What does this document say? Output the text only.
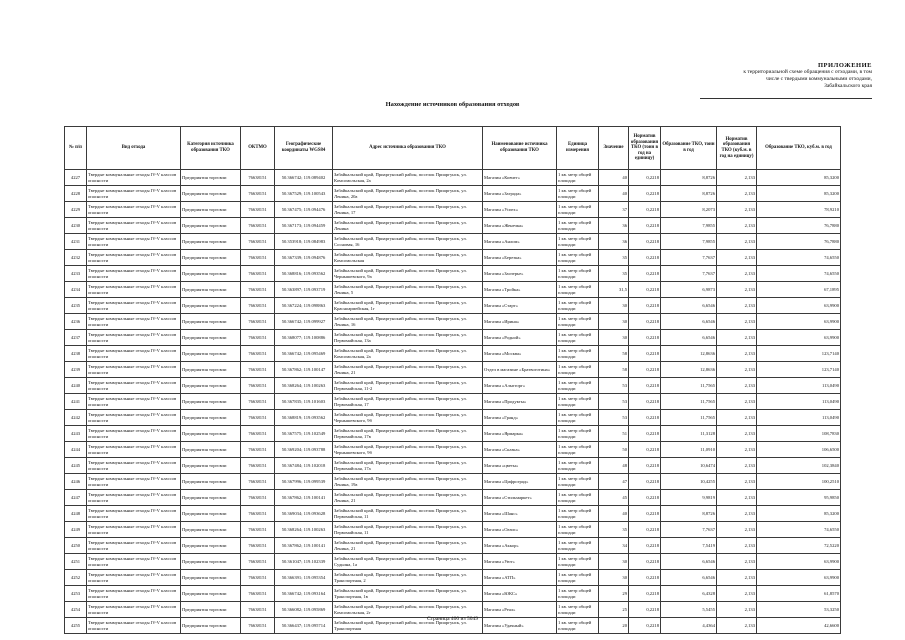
ПРИЛОЖЕНИЕ
к территориальной схеме обращения с отходами, в том
числе с твердыми коммунальными отходами,
Забайкальского края
Нахождение источников образования отходов
№ п/п	Вид отхода	Категория источника образования ТКО	ОКТМО	Географические координаты WGS84	Адрес источника образования ТКО	Наименование источника образования ТКО	Единица измерения	Значение	Норматив образования ТКО (тонн в год на единицу)	Образование ТКО, тонн в год	Норматив образования ТКО (куб.м. в год на единицу)	Образование ТКО, куб.м. в год
4227	Твердые коммунальные отходы IV-V классов опасности	Предприятия торговли	76638151	50.366742; 119.089402	Забайкальский край, Приаргунский район, поселок Приаргунск, ул. Комсомольская, 2а	Магазин «Ковчег»	1 кв. метр общей площади	40	0,2218	8,8726	2,133	85,3200
4228	Твердые коммунальные отходы IV-V классов опасности	Предприятия торговли	76638151	50.367529; 119.100543	Забайкальский край, Приаргунский район, поселок Приаргунск, ул. Ленина, 20а	Магазин «Заграда»	1 кв. метр общей площади	40	0,2218	8,8726	2,133	85,3200
4229	Твердые коммунальные отходы IV-V классов опасности	Предприятия торговли	76638151	50.367475; 119.094476	Забайкальский край, Приаргунский район, поселок Приаргунск, ул. Ленина, 17	Магазин «Успех»	1 кв. метр общей площади	37	0,2218	8,2073	2,133	78,9210
4230	Твердые коммунальные отходы IV-V классов опасности	Предприятия торговли	76638151	50.367173; 119.094459	Забайкальский край, Приаргунский район, поселок Приаргунск, ул. Ленина	Магазин «Женечка»	1 кв. метр общей площади	36	0,2218	7,9855	2,133	76,7880
4231	Твердые коммунальные отходы IV-V классов опасности	Предприятия торговли	76638151	50.353918; 119.084983	Забайкальский край, Приаргунский район, поселок Приаргунск, ул. Сосновая, 16	Магазин «Анлом»	1 кв. метр общей площади	36	0,2218	7,9855	2,133	76,7880
4232	Твердые коммунальные отходы IV-V классов опасности	Предприятия торговли	76638151	50.367339; 119.094876	Забайкальский край, Приаргунский район, поселок Приаргунск, ул. Комсомольская	Магазин «Березка»	1 кв. метр общей площади	35	0,2218	7,7637	2,133	74,6550
4233	Твердые коммунальные отходы IV-V классов опасности	Предприятия торговли	76638151	50.368816; 119.093562	Забайкальский край, Приаргунский район, поселок Приаргунск, ул. Чернышевского, 9а	Магазин «Заозерье»	1 кв. метр общей площади	35	0,2218	7,7637	2,133	74,6550
4234	Твердые коммунальные отходы IV-V классов опасности	Предприятия торговли	76638151	50.363897; 119.093719	Забайкальский край, Приаргунский район, поселок Приаргунск, ул. Ленина, 5	Магазин «Тройка»	1 кв. метр общей площади	31,5	0,2218	6,9873	2,133	67,1895
4235	Твердые коммунальные отходы IV-V классов опасности	Предприятия торговли	76638151	50.367224; 119.098863	Забайкальский край, Приаргунский район, поселок Приаргунск, ул. Красноармейская, 1г	Магазин «Старт»	1 кв. метр общей площади	30	0,2218	6,6546	2,133	63,9900
4236	Твердые коммунальные отходы IV-V классов опасности	Предприятия торговли	76638151	50.366742; 119.099927	Забайкальский край, Приаргунский район, поселок Приаргунск, ул. Ленина, 16	Магазин «Ирина»	1 кв. метр общей площади	30	0,2218	6,6546	2,133	63,9900
4237	Твердые коммунальные отходы IV-V классов опасности	Предприятия торговли	76638151	50.368077; 119.100886	Забайкальский край, Приаргунский район, поселок Приаргунск, ул. Первомайская, 13а	Магазин «Родной»	1 кв. метр общей площади	30	0,2218	6,6546	2,133	63,9900
4238	Твердые коммунальные отходы IV-V классов опасности	Предприятия торговли	76638151	50.366742; 119.095469	Забайкальский край, Приаргунский район, поселок Приаргунск, ул. Комсомольская, 2а	Магазин «Москва»	1 кв. метр общей площади	58	0,2218	12,8636	2,133	123,7140
4239	Твердые коммунальные отходы IV-V классов опасности	Предприятия торговли	76638151	50.367862; 119.100147	Забайкальский край, Приаргунский район, поселок Приаргунск, ул. Ленина, 21	Отдел в магазине «Братвоготина»	1 кв. метр общей площади	58	0,2218	12,8636	2,133	123,7140
4240	Твердые коммунальные отходы IV-V классов опасности	Предприятия торговли	76638151	50.368264; 119.100263	Забайкальский край, Приаргунский район, поселок Приаргунск, ул. Первомайская, 11-2	Магазин «Альпторг»	1 кв. метр общей площади	53	0,2218	11,7565	2,133	113,0490
4241	Твердые коммунальные отходы IV-V классов опасности	Предприятия торговли	76638151	50.367835; 119.101603	Забайкальский край, Приаргунский район, поселок Приаргунск, ул. Первомайская, 17	Магазин «Продукты»	1 кв. метр общей площади	53	0,2218	11,7565	2,133	113,0490
4242	Твердые коммунальные отходы IV-V классов опасности	Предприятия торговли	76638151	50.368819; 119.093562	Забайкальский край, Приаргунский район, поселок Приаргунск, ул. Чернышевского, 9б	Магазин «Гранд»	1 кв. метр общей площади	53	0,2218	11,7565	2,133	113,0490
4243	Твердые коммунальные отходы IV-V классов опасности	Предприятия торговли	76638151	50.367575; 119.102549	Забайкальский край, Приаргунский район, поселок Приаргунск, ул. Первомайская, 17в	Магазин «Ярмарка»	1 кв. метр общей площади	51	0,2218	11,3128	2,133	108,7830
4244	Твердые коммунальные отходы IV-V классов опасности	Предприятия торговли	76638151	50.369204; 119.093788	Забайкальский край, Приаргунский район, поселок Приаргунск, ул. Чернышевского, 9б	Магазин «Сказка»	1 кв. метр общей площади	50	0,2218	11,0910	2,133	106,6500
4245	Твердые коммунальные отходы IV-V классов опасности	Предприятия торговли	76638151	50.367484; 119.102018	Забайкальский край, Приаргунский район, поселок Приаргунск, ул. Первомайская, 17а	Магазин «цветы»	1 кв. метр общей площади	48	0,2218	10,6474	2,133	102,3840
4246	Твердые коммунальные отходы IV-V классов опасности	Предприятия торговли	76638151	50.367996; 119.099539	Забайкальский край, Приаргунский район, поселок Приаргунск, ул. Ленина, 19а	Магазин «Цифроград»	1 кв. метр общей площади	47	0,2218	10,4255	2,133	100,2510
4247	Твердые коммунальные отходы IV-V классов опасности	Предприятия торговли	76638151	50.367862; 119.100141	Забайкальский край, Приаргунский район, поселок Приаргунск, ул. Ленина, 21	Магазин «Стильмаркет»	1 кв. метр общей площади	45	0,2218	9,9819	2,133	95,9850
4248	Твердые коммунальные отходы IV-V классов опасности	Предприятия торговли	76638151	50.369034; 119.093628	Забайкальский край, Приаргунский район, поселок Приаргунск, ул. Первомайская, 11	Магазин «Шанс»	1 кв. метр общей площади	40	0,2218	8,8726	2,133	85,3200
4249	Твердые коммунальные отходы IV-V классов опасности	Предприятия торговли	76638151	50.368264; 119.100263	Забайкальский край, Приаргунский район, поселок Приаргунск, ул. Первомайская, 11	Магазин «Оазис»	1 кв. метр общей площади	35	0,2218	7,7637	2,133	74,6550
4250	Твердые коммунальные отходы IV-V классов опасности	Предприятия торговли	76638151	50.367862; 119.100141	Забайкальский край, Приаргунский район, поселок Приаргунск, ул. Ленина, 21	Магазин «Аккор»	1 кв. метр общей площади	34	0,2218	7,5419	2,133	72,5220
4251	Твердые коммунальные отходы IV-V классов опасности	Предприятия торговли	76638151	50.361047; 119.102339	Забайкальский край, Приаргунский район, поселок Приаргунск, ул. Судьина, 1а	Магазин «Уют»	1 кв. метр общей площади	30	0,2218	6,6546	2,133	63,9900
4252	Твердые коммунальные отходы IV-V классов опасности	Предприятия торговли	76638151	50.366391; 119.095354	Забайкальский край, Приаргунский район, поселок Приаргунск, ул. Транспортная, 2	Магазин «АТП»	1 кв. метр общей площади	30	0,2218	6,6546	2,133	63,9900
4253	Твердые коммунальные отходы IV-V классов опасности	Предприятия торговли	76638151	50.366742; 119.093164	Забайкальский край, Приаргунский район, поселок Приаргунск, ул. Транспортная, 1в	Магазин «ЮКС»	1 кв. метр общей площади	29	0,2218	6,4328	2,133	61,8570
4254	Твердые коммунальные отходы IV-V классов опасности	Предприятия торговли	76638151	50.366082; 119.095869	Забайкальский край, Приаргунский район, поселок Приаргунск, ул. Комсомольская, 2г	Магазин «Реал»	1 кв. метр общей площади	25	0,2218	5,5455	2,133	53,3250
4255	Твердые коммунальные отходы IV-V классов опасности	Предприятия торговли	76638151	50.366437; 119.095714	Забайкальский край, Приаргунский район, поселок Приаргунск, ул. Транспортная	Магазин «Удачный»	1 кв. метр общей площади	20	0,2218	4,4364	2,133	42,6600
Страница 400 из 5049
